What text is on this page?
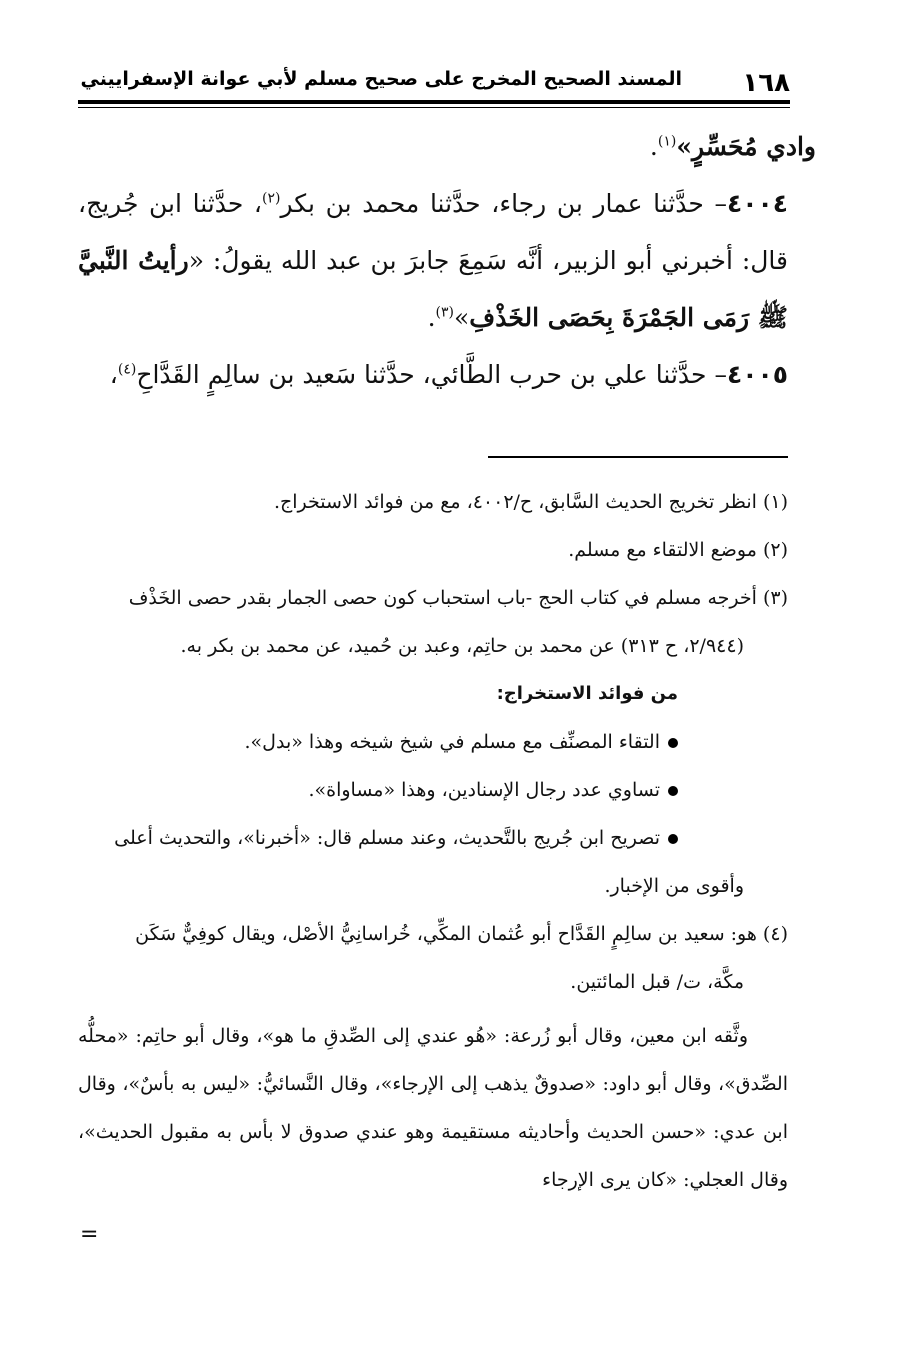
١٦٨
المسند الصحيح المخرج على صحيح مسلم لأبي عوانة الإسفراييني

وادي مُحَسِّرٍ»$^{(١)}$.

٤٠٠٤– حدَّثنا عمار بن رجاء، حدَّثنا محمد بن بكر$^{(٢)}$، حدَّثنا ابن جُريج، قال: أخبرني أبو الزبير، أنَّه سَمِعَ جابرَ بن عبد الله يقولُ: «رأيتُ النَّبيَّ ﷺ رَمَى الجَمْرَةَ بِحَصَى الخَذْفِ»$^{(٣)}$.

٤٠٠٥– حدَّثنا علي بن حرب الطَّائي، حدَّثنا سَعيد بن سالِمٍ القَدَّاحِ$^{(٤)}$،

(١) انظر تخريج الحديث السَّابق، ح/٤٠٠٢، مع من فوائد الاستخراج.
(٢) موضع الالتقاء مع مسلم.
(٣) أخرجه مسلم في كتاب الحج -باب استحباب كون حصى الجمار بقدر حصى الخَذْف
(٢/٩٤٤، ح ٣١٣) عن محمد بن حاتِم، وعبد بن حُميد، عن محمد بن بكر به.
من فوائد الاستخراج:
التقاء المصنِّف مع مسلم في شيخ شيخه وهذا «بدل».
تساوي عدد رجال الإسنادين، وهذا «مساواة».
تصريح ابن جُريج بالتَّحديث، وعند مسلم قال: «أخبرنا»، والتحديث أعلى
وأقوى من الإخبار.
(٤) هو: سعيد بن سالِمٍ القَدَّاح أبو عُثمان المكِّي، خُراسانِيُّ الأصْل، ويقال كوفِيٌّ سَكَن
مكَّة، ت/ قبل المائتين.
وثَّقه ابن معين، وقال أبو زُرعة: «هُو عندي إلى الصِّدقِ ما هو»، وقال أبو حاتِم: «محلُّه الصِّدق»، وقال أبو داود: «صدوقٌ يذهب إلى الإرجاء»، وقال النَّسائيُّ: «ليس به بأسٌ»، وقال ابن عدي: «حسن الحديث وأحاديثه مستقيمة وهو عندي صدوق لا بأس به مقبول الحديث»، وقال العجلي: «كان يرى الإرجاء
=
